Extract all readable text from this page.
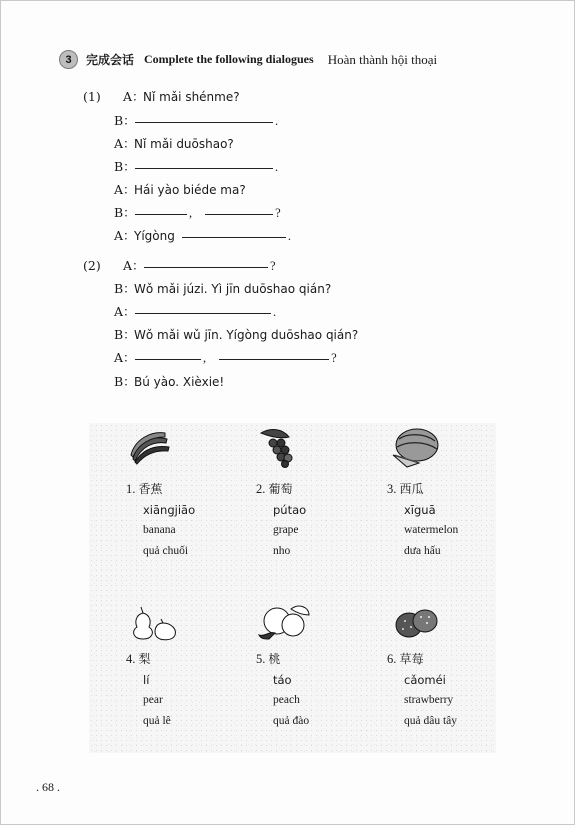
3	完成会话 Complete the following dialogues Hoàn thành hội thoại
(1)	A：
Nǐ mǎi shénme?
B：	.
A：
Nǐ mǎi duōshao?
B：	.
A：
Hái yào biéde ma?
B：	,	?
A：
Yígòng	.
(2)	A：	?
B：
Wǒ mǎi júzi. Yì jīn duōshao qián?
A：	.
B：
Wǒ mǎi wǔ jīn. Yígòng duōshao qián?
A：	,	?
B：
Bú yào. Xièxie!
1. 香蕉
xiāngjiāo
banana
quả chuối
2. 葡萄
pútao
grape
nho
3. 西瓜
xīguā
watermelon
dưa hấu
4. 梨
lí
pear
quả lê
5. 桃
táo
peach
quả đào
6. 草莓
cǎoméi
strawberry
quả dâu tây
. 68 .
